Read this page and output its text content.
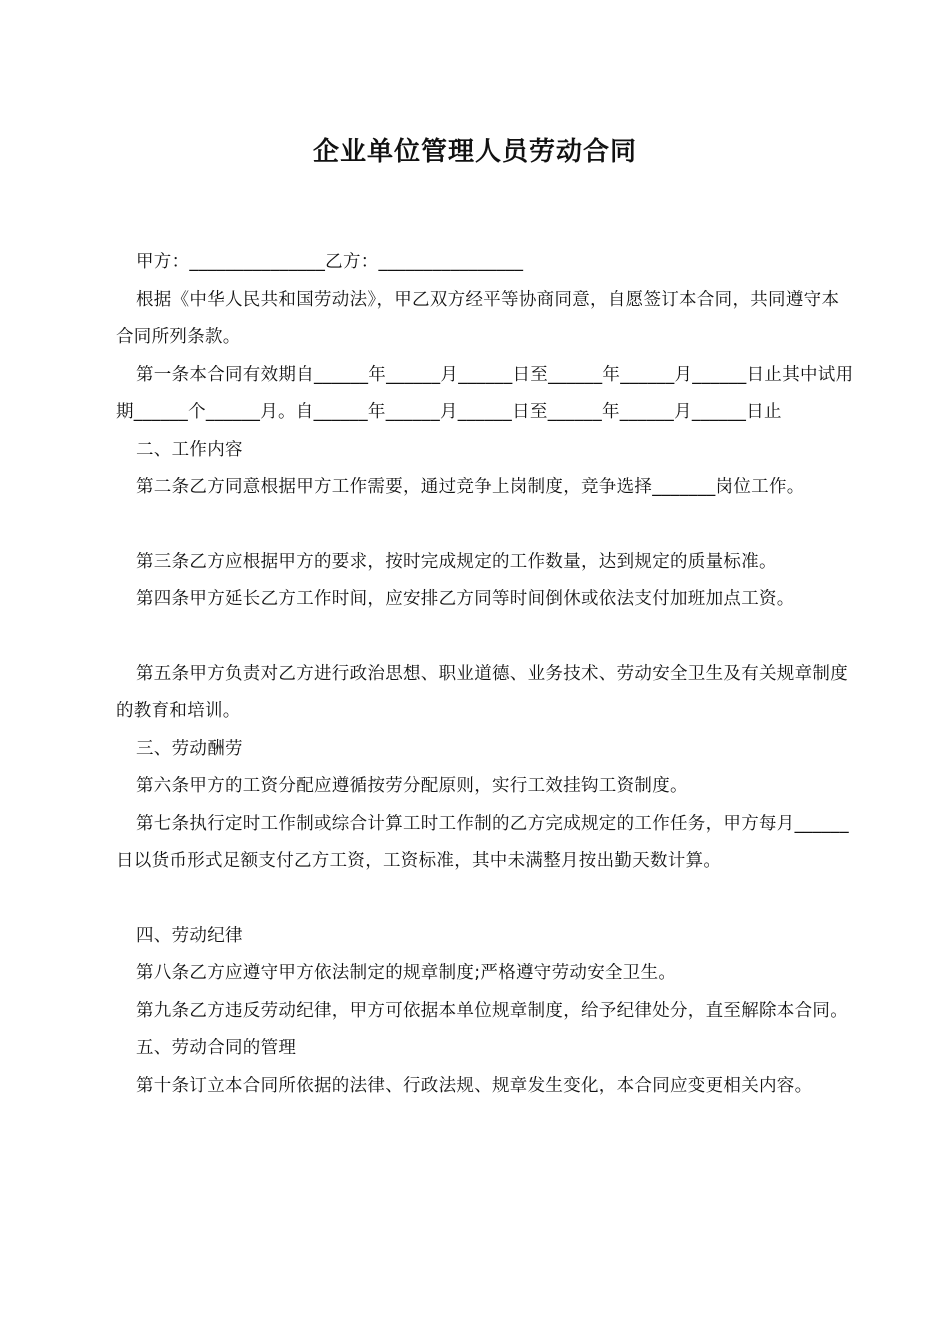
企业单位管理人员劳动合同

甲方：_______________乙方：________________

根据《中华人民共和国劳动法》，甲乙双方经平等协商同意，自愿签订本合同，共同遵守本合同所列条款。

第一条本合同有效期自______年______月______日至______年______月______日止其中试用期______个______月。自______年______月______日至______年______月______日止

二、工作内容

第二条乙方同意根据甲方工作需要，通过竞争上岗制度，竞争选择_______岗位工作。

第三条乙方应根据甲方的要求，按时完成规定的工作数量，达到规定的质量标准。

第四条甲方延长乙方工作时间，应安排乙方同等时间倒休或依法支付加班加点工资。

第五条甲方负责对乙方进行政治思想、职业道德、业务技术、劳动安全卫生及有关规章制度的教育和培训。

三、劳动酬劳

第六条甲方的工资分配应遵循按劳分配原则，实行工效挂钩工资制度。

第七条执行定时工作制或综合计算工时工作制的乙方完成规定的工作任务，甲方每月______日以货币形式足额支付乙方工资，工资标准，其中未满整月按出勤天数计算。

四、劳动纪律

第八条乙方应遵守甲方依法制定的规章制度;严格遵守劳动安全卫生。

第九条乙方违反劳动纪律，甲方可依据本单位规章制度，给予纪律处分，直至解除本合同。

五、劳动合同的管理

第十条订立本合同所依据的法律、行政法规、规章发生变化，本合同应变更相关内容。
